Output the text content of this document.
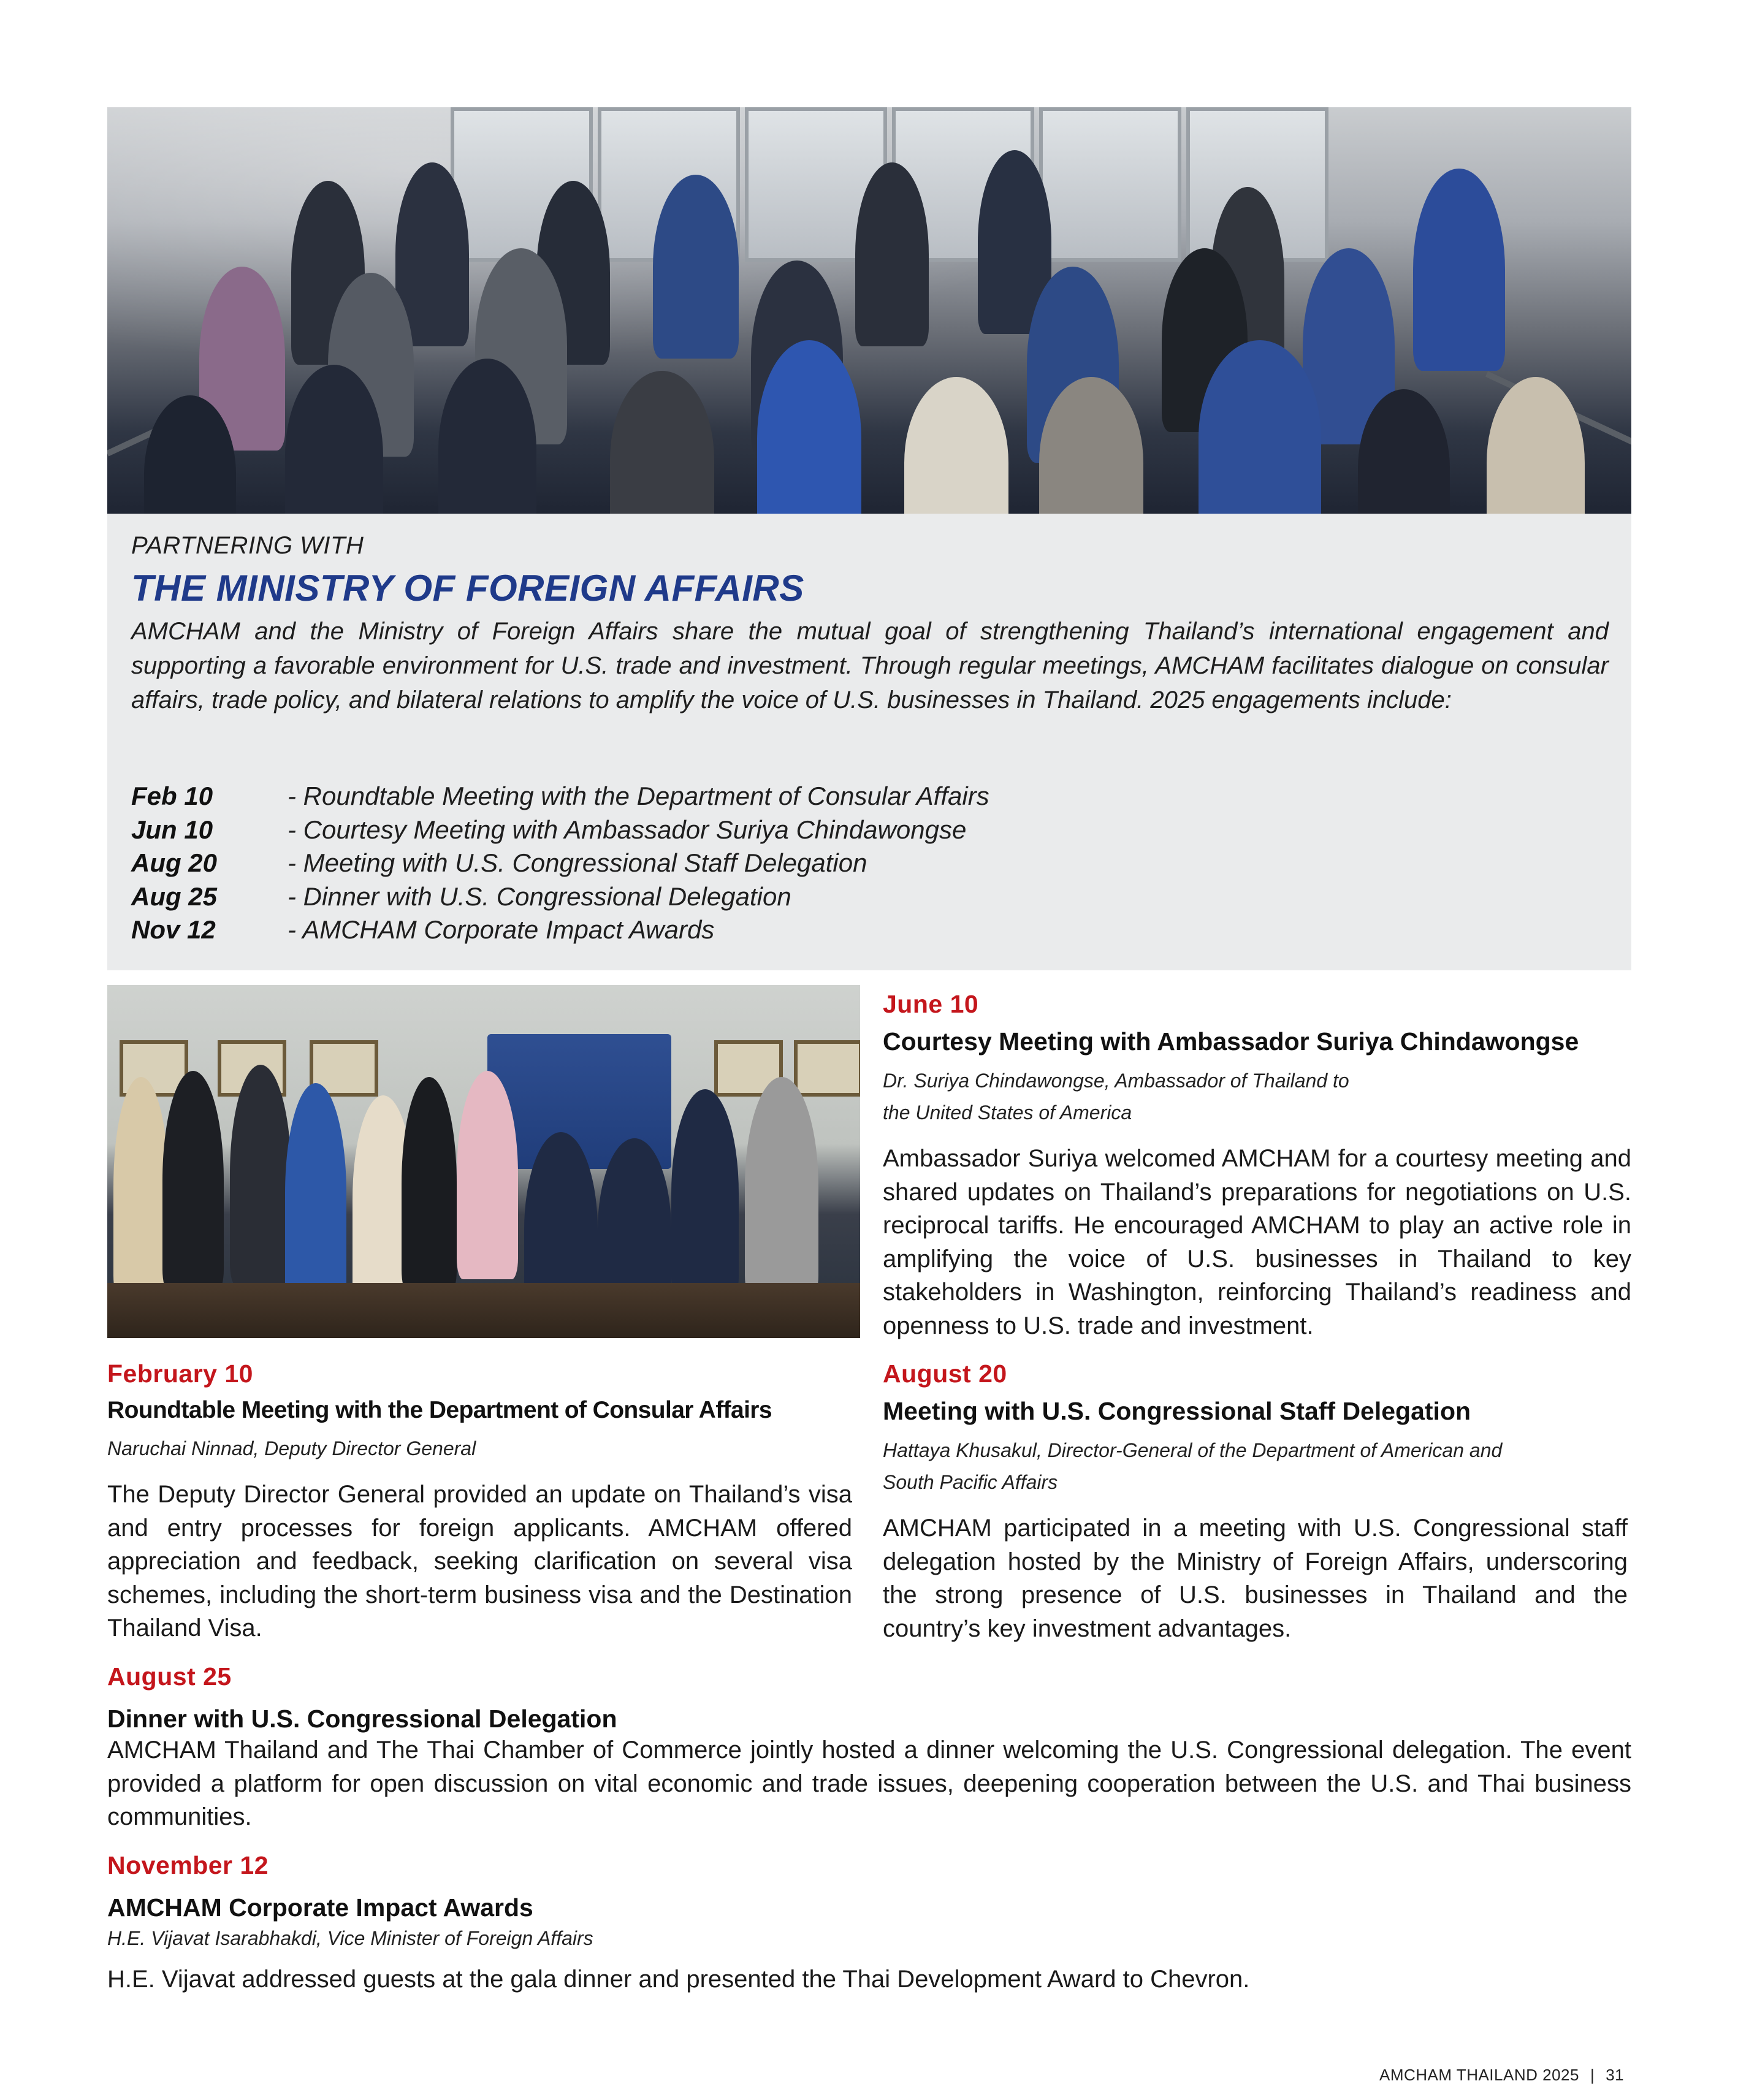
PARTNERING WITH
THE MINISTRY OF FOREIGN AFFAIRS
AMCHAM and the Ministry of Foreign Affairs share the mutual goal of strengthening Thailand’s international engagement and supporting a favorable environment for U.S. trade and investment. Through regular meetings, AMCHAM facilitates dialogue on consular affairs, trade policy, and bilateral relations to amplify the voice of U.S. businesses in Thailand. 2025 engagements include:
Feb 10	- Roundtable Meeting with the Department of Consular Affairs
Jun 10	- Courtesy Meeting with Ambassador Suriya Chindawongse
Aug 20	- Meeting with U.S. Congressional Staff Delegation
Aug 25	- Dinner with U.S. Congressional Delegation
Nov 12	- AMCHAM Corporate Impact Awards
June 10
Courtesy Meeting with Ambassador Suriya Chindawongse
Dr. Suriya Chindawongse, Ambassador of Thailand to
the United States of America
Ambassador Suriya welcomed AMCHAM for a courtesy meeting and shared updates on Thailand’s preparations for negotiations on U.S. reciprocal tariffs. He encouraged AMCHAM to play an active role in amplifying the voice of U.S. businesses in Thailand to key stakeholders in Washington, reinforcing Thailand’s readiness and openness to U.S. trade and investment.
February 10
Roundtable Meeting with the Department of Consular Affairs
Naruchai Ninnad, Deputy Director General
The Deputy Director General provided an update on Thailand’s visa and entry processes for foreign applicants. AMCHAM offered appreciation and feedback, seeking clarification on several visa schemes, including the short-term business visa and the Destination Thailand Visa.
August 20
Meeting with U.S. Congressional Staff Delegation
Hattaya Khusakul, Director-General of the Department of American and
South Pacific Affairs
AMCHAM participated in a meeting with U.S. Congressional staff delegation hosted by the Ministry of Foreign Affairs, underscoring the strong presence of U.S. businesses in Thailand and the country’s key investment advantages.
August 25
Dinner with U.S. Congressional Delegation
AMCHAM Thailand and The Thai Chamber of Commerce jointly hosted a dinner welcoming the U.S. Congressional delegation. The event provided a platform for open discussion on vital economic and trade issues, deepening cooperation between the U.S. and Thai business communities.
November 12
AMCHAM Corporate Impact Awards
H.E. Vijavat Isarabhakdi, Vice Minister of Foreign Affairs
H.E. Vijavat addressed guests at the gala dinner and presented the Thai Development Award to Chevron.
AMCHAM THAILAND 2025 | 31
